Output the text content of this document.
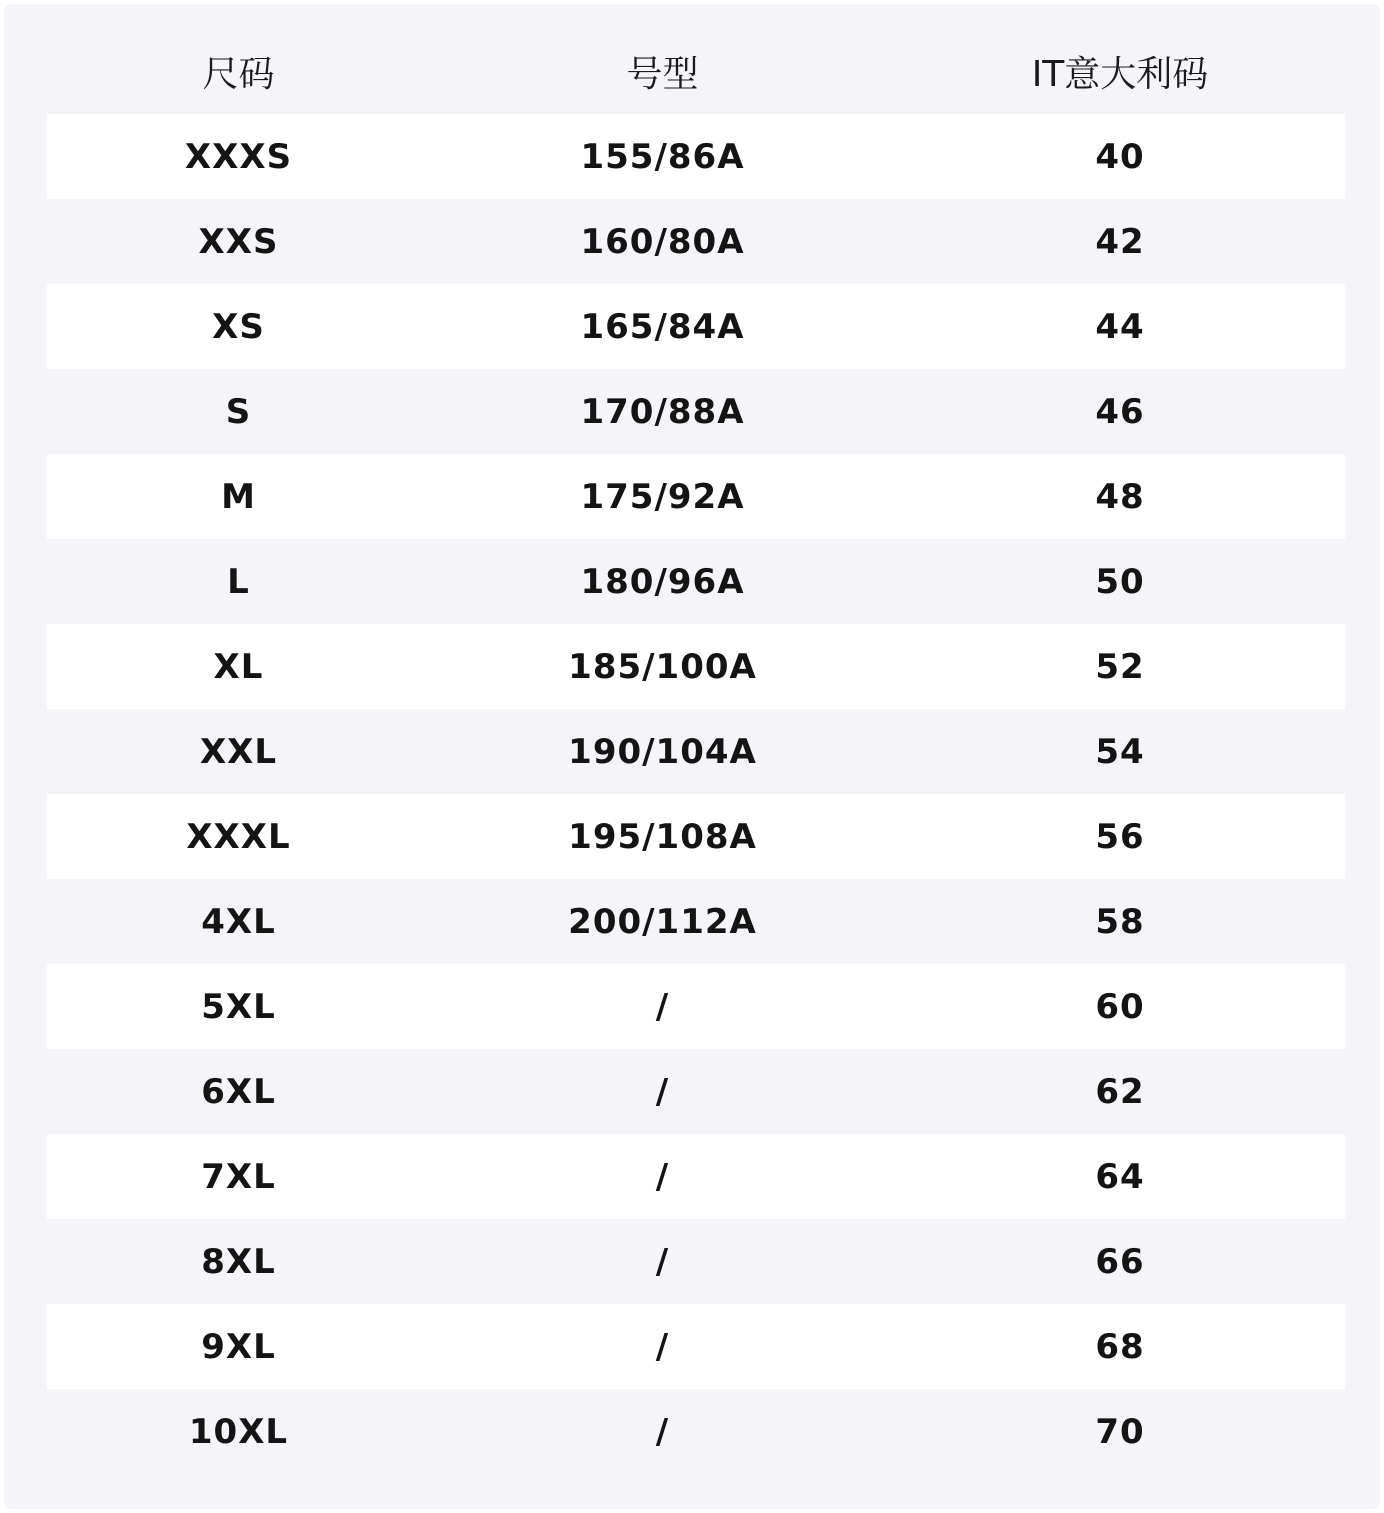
尺码	号型	IT意大利码
XXXS	155/86A	40
XXS	160/80A	42
XS	165/84A	44
S	170/88A	46
M	175/92A	48
L	180/96A	50
XL	185/100A	52
XXL	190/104A	54
XXXL	195/108A	56
4XL	200/112A	58
5XL	/	60
6XL	/	62
7XL	/	64
8XL	/	66
9XL	/	68
10XL	/	70
